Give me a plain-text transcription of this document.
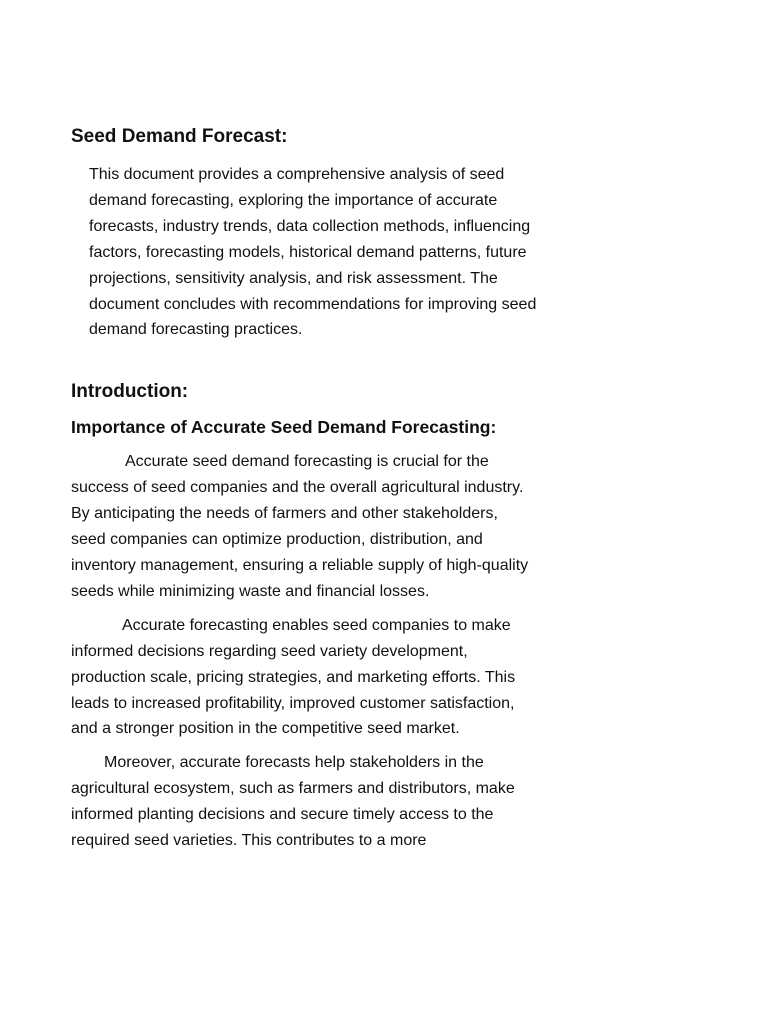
Seed Demand Forecast:

This document provides a comprehensive analysis of seed demand forecasting, exploring the importance of accurate forecasts, industry trends, data collection methods, influencing factors, forecasting models, historical demand patterns, future projections, sensitivity analysis, and risk assessment. The document concludes with recommendations for improving seed demand forecasting practices.

Introduction:
Importance of Accurate Seed Demand Forecasting:

Accurate seed demand forecasting is crucial for the success of seed companies and the overall agricultural industry. By anticipating the needs of farmers and other stakeholders, seed companies can optimize production, distribution, and inventory management, ensuring a reliable supply of high-quality seeds while minimizing waste and financial losses.

Accurate forecasting enables seed companies to make informed decisions regarding seed variety development, production scale, pricing strategies, and marketing efforts. This leads to increased profitability, improved customer satisfaction, and a stronger position in the competitive seed market.

Moreover, accurate forecasts help stakeholders in the agricultural ecosystem, such as farmers and distributors, make informed planting decisions and secure timely access to the required seed varieties. This contributes to a more
